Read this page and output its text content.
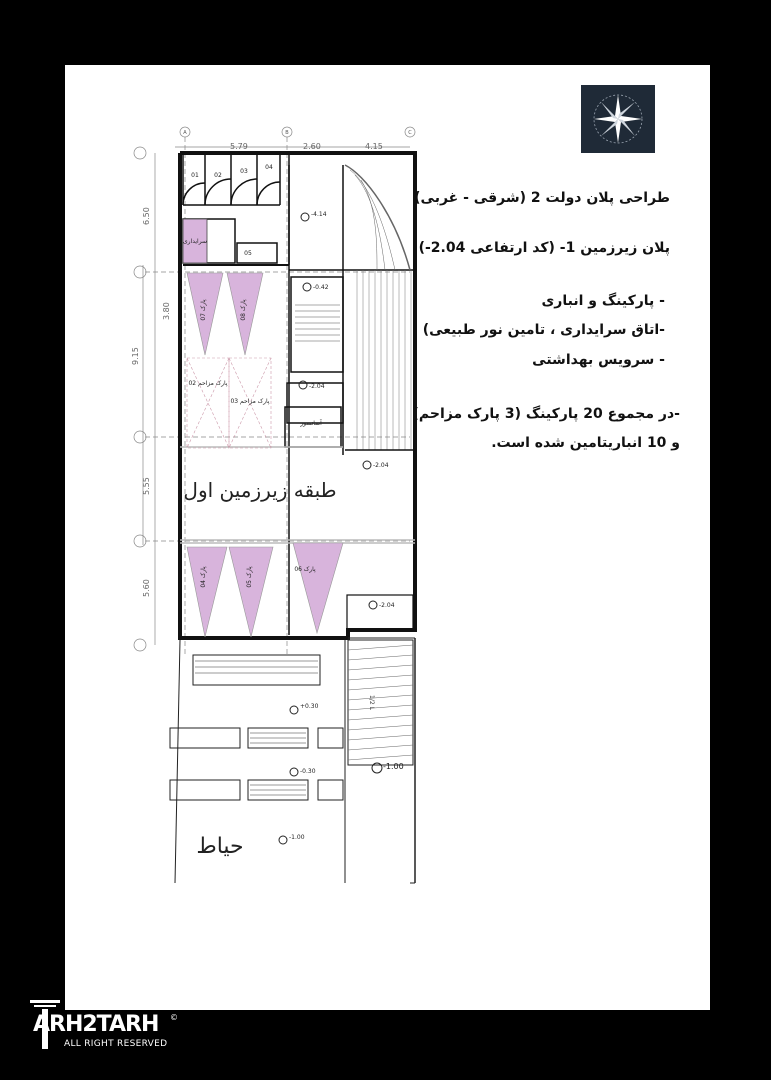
A	B	C
5.79	2.60	4.15
6.50
3.80
9.15
5.55
5.60
01	02
03
04
05
سرایداری
آسانسور
پارک 07
پارک 08
پارک مزاحم 02
پارک مزاحم 03
پارک 04
پارک 05	پارک 06
طبقه زیرزمین اول
-4.14
-0.42
-2.04
-2.04
-2.04
+0.30
-0.30
-1.00
-1.00
1/2 L
حیاط
طراحی پلان دولت 2 (شرقی - غربی)
پلان زیرزمین 1- (کد ارتفاعی 2.04-)
- پارکینگ و انباری
-اتاق سرایداری ، تامین نور طبیعی)
- سرویس بهداشتی
-در مجموع 20 پارکینگ (3 پارک مزاحم)
و 10 انباریتامین شده است.
ARH2TARH
ALL RIGHT RESERVED
©
